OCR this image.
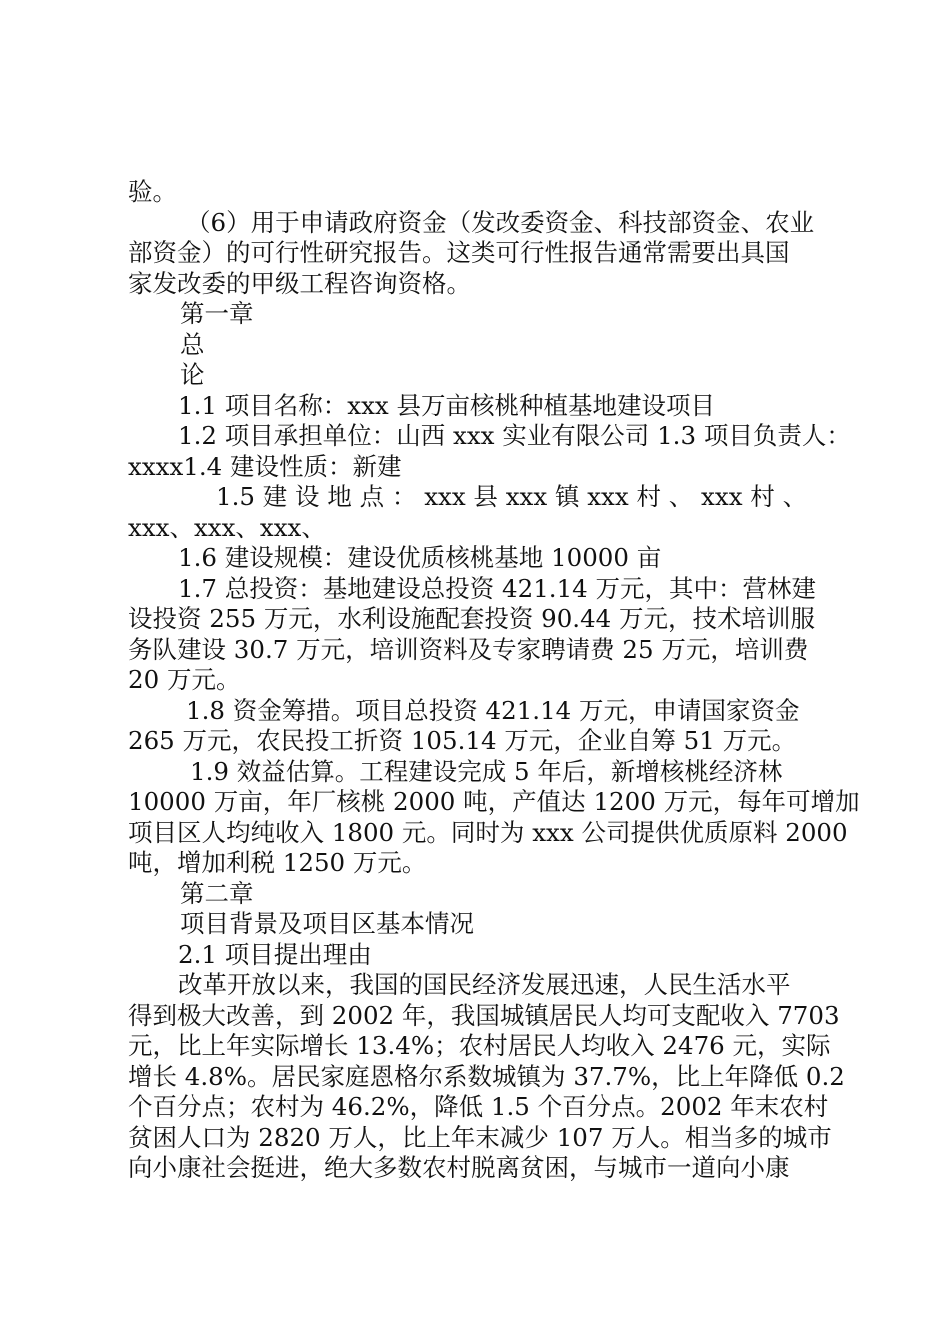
验。
（6）用于申请政府资金（发改委资金、科技部资金、农业
部资金）的可行性研究报告。这类可行性报告通常需要出具国
家发改委的甲级工程咨询资格。
第一章
总
论
1.1 项目名称：xxx 县万亩核桃种植基地建设项目
1.2 项目承担单位：山西 xxx 实业有限公司 1.3 项目负责人：
xxxx1.4 建设性质：新建
1.5 建 设 地 点 ： xxx 县 xxx 镇 xxx 村 、 xxx 村 、
xxx、xxx、xxx、
1.6 建设规模：建设优质核桃基地 10000 亩
1.7 总投资：基地建设总投资 421.14 万元，其中：营林建
设投资 255 万元，水利设施配套投资 90.44 万元，技术培训服
务队建设 30.7 万元，培训资料及专家聘请费 25 万元，培训费
20 万元。
1.8 资金筹措。项目总投资 421.14 万元，申请国家资金
265 万元，农民投工折资 105.14 万元，企业自筹 51 万元。
1.9 效益估算。工程建设完成 5 年后，新增核桃经济林
10000 万亩，年厂核桃 2000 吨，产值达 1200 万元，每年可增加
项目区人均纯收入 1800 元。同时为 xxx 公司提供优质原料 2000
吨，增加利税 1250 万元。
第二章
项目背景及项目区基本情况
2.1 项目提出理由
改革开放以来，我国的国民经济发展迅速，人民生活水平
得到极大改善，到 2002 年，我国城镇居民人均可支配收入 7703
元，比上年实际增长 13.4%；农村居民人均收入 2476 元，实际
增长 4.8%。居民家庭恩格尔系数城镇为 37.7%，比上年降低 0.2
个百分点；农村为 46.2%，降低 1.5 个百分点。2002 年末农村
贫困人口为 2820 万人，比上年末减少 107 万人。相当多的城市
向小康社会挺进，绝大多数农村脱离贫困，与城市一道向小康
